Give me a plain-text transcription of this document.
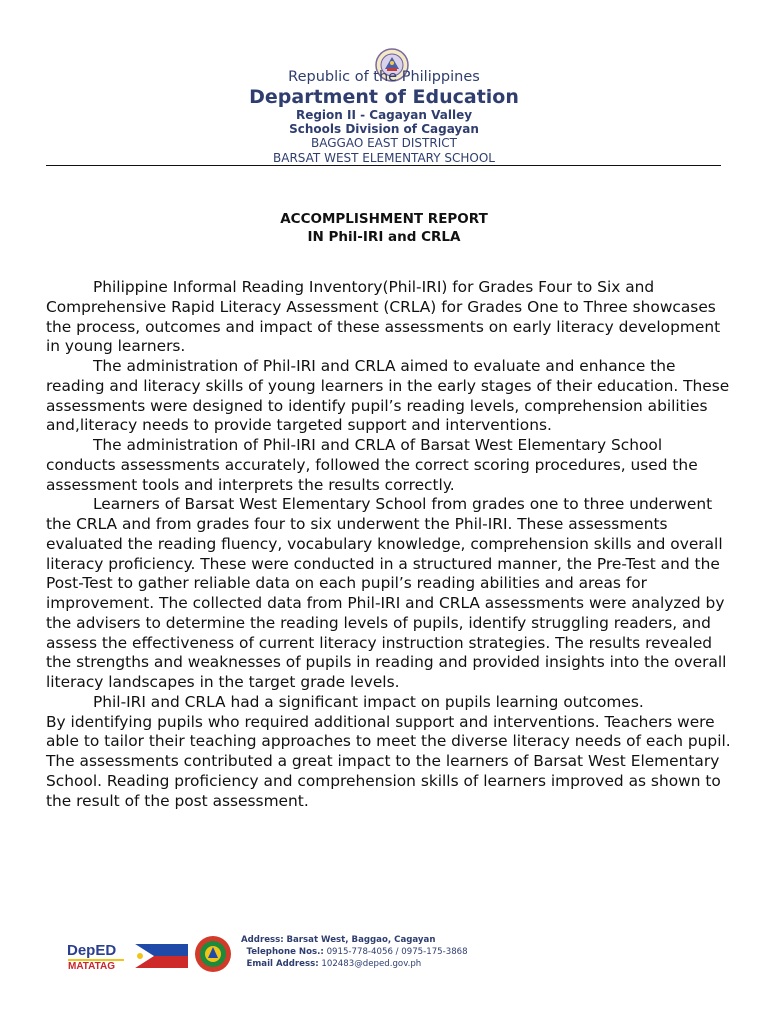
Republic of the Philippines
Department of Education
Region II - Cagayan Valley
Schools Division of Cagayan
BAGGAO EAST DISTRICT
BARSAT WEST ELEMENTARY SCHOOL
ACCOMPLISHMENT REPORT
IN Phil-IRI and CRLA

Philippine Informal Reading Inventory(Phil-IRI) for Grades Four to Six and Comprehensive Rapid Literacy Assessment (CRLA) for Grades One to Three showcases the process, outcomes and impact of these assessments on early literacy development in young learners.

The administration of Phil-IRI and CRLA aimed to evaluate and enhance the reading and literacy skills of young learners in the early stages of their education. These assessments were designed to identify pupil’s reading levels, comprehension abilities and,literacy needs to provide targeted support and interventions.

The administration of Phil-IRI and CRLA of Barsat West Elementary School conducts assessments accurately, followed the correct scoring procedures, used the assessment tools and interprets the results correctly.

Learners of Barsat West Elementary School from grades one to three underwent the CRLA and from grades four to six underwent the Phil-IRI. These assessments evaluated the reading fluency, vocabulary knowledge, comprehension skills and overall literacy proficiency. These were conducted in a structured manner, the Pre-Test and the Post-Test to gather reliable data on each pupil’s reading abilities and areas for improvement. The collected data from Phil-IRI and CRLA assessments were analyzed by the advisers to determine the reading levels of pupils, identify struggling readers, and assess the effectiveness of current literacy instruction strategies. The results revealed the strengths and weaknesses of pupils in reading and provided insights into the overall literacy landscapes in the target grade levels.

Phil-IRI and CRLA had a significant impact on pupils learning outcomes.

By identifying pupils who required additional support and interventions. Teachers were able to tailor their teaching approaches to meet the diverse literacy needs of each pupil. The assessments contributed a great impact to the learners of Barsat West Elementary School. Reading proficiency and comprehension skills of learners improved as shown to the result of the post assessment.

DepED
MATATAG
Address: Barsat West, Baggao, Cagayan
Telephone Nos.: 0915-778-4056 / 0975-175-3868
Email Address: 102483@deped.gov.ph
